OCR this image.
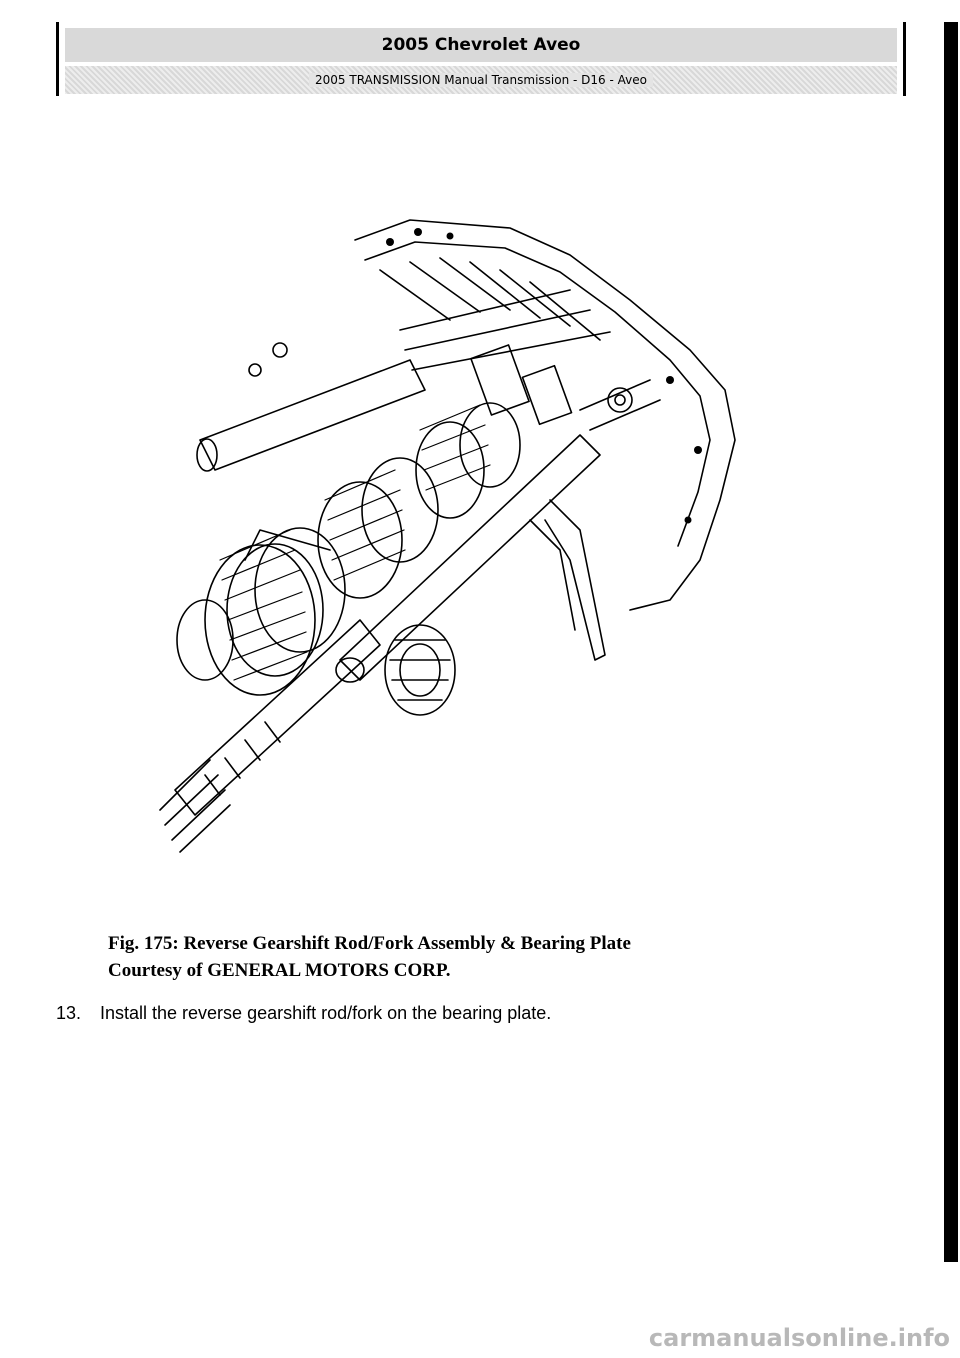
2005 Chevrolet Aveo
2005 TRANSMISSION Manual Transmission - D16 - Aveo
Fig. 175: Reverse Gearshift Rod/Fork Assembly & Bearing Plate
Courtesy of GENERAL MOTORS CORP.
13. Install the reverse gearshift rod/fork on the bearing plate.
carmanualsonline.info
